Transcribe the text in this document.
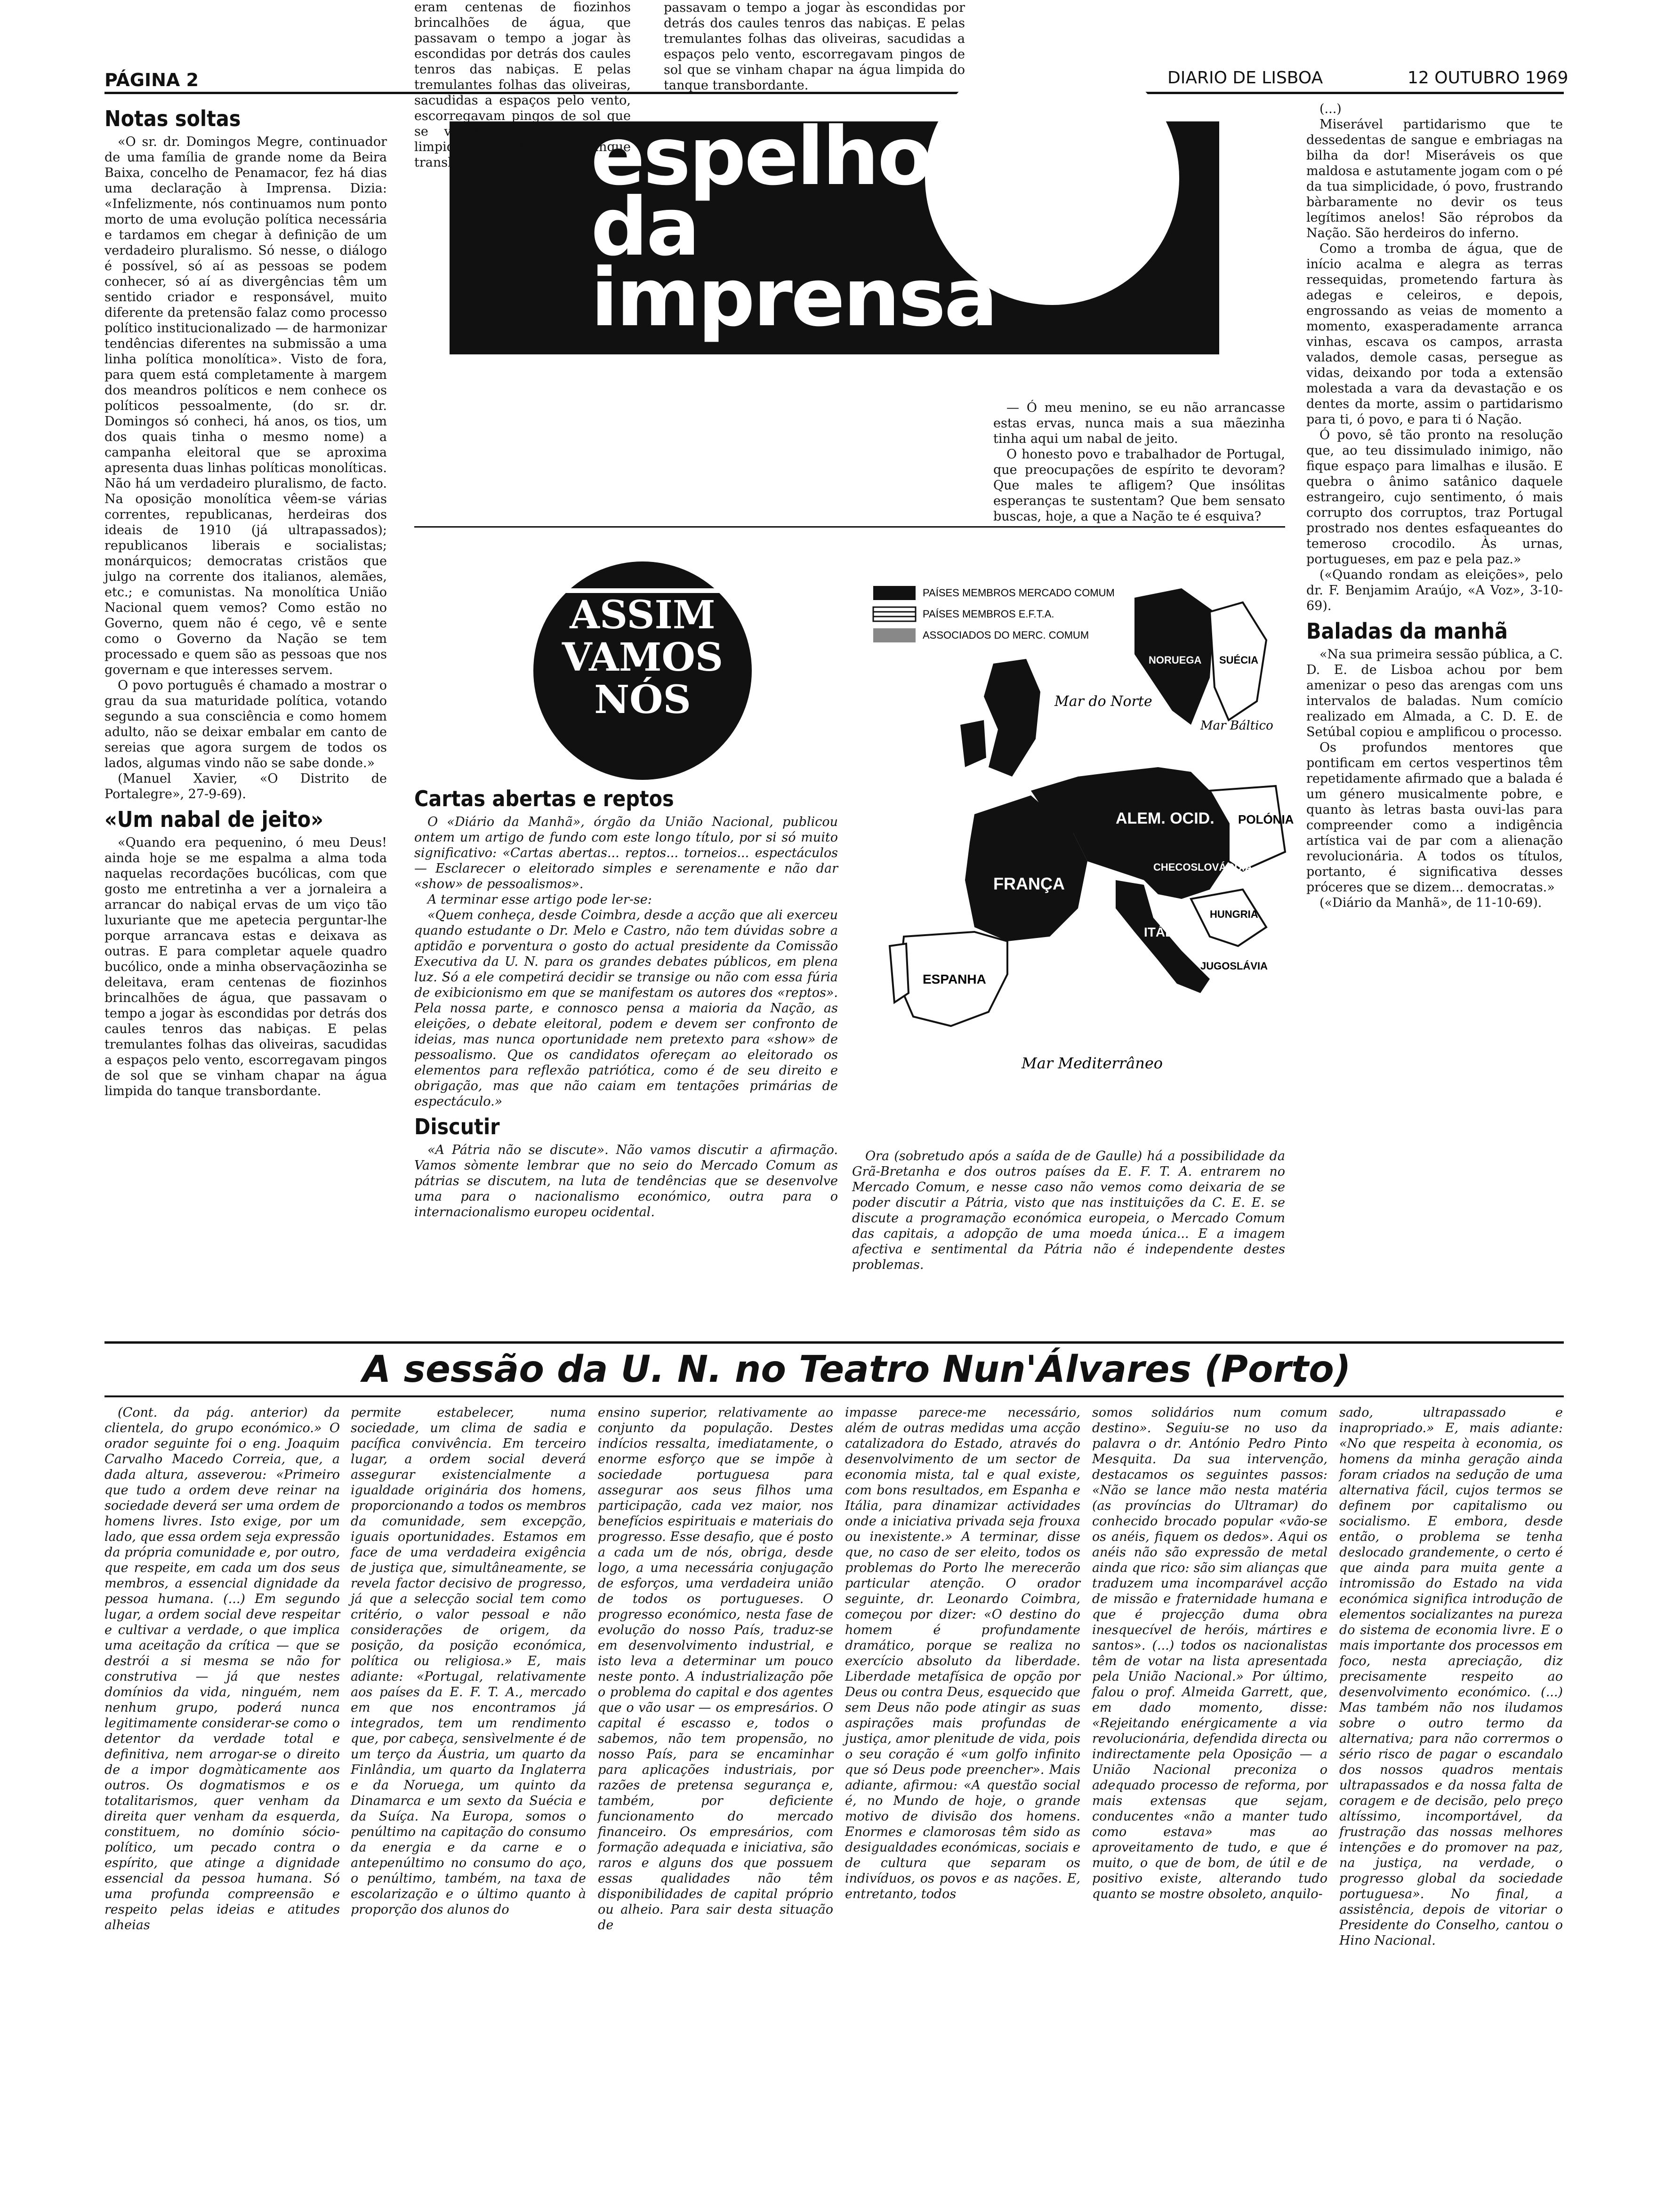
PÁGINA 2	DIARIO DE LISBOA	12 OUTUBRO 1969
Notas soltas

«O sr. dr. Domingos Megre, continuador de uma família de grande nome da Beira Baixa, concelho de Penamacor, fez há dias uma declaração à Imprensa. Dizia: «Infelizmente, nós continuamos num ponto morto de uma evolução política necessária e tardamos em chegar à definição de um verdadeiro pluralismo. Só nesse, o diálogo é possível, só aí as pessoas se podem conhecer, só aí as divergências têm um sentido criador e responsável, muito diferente da pretensão falaz como processo político institucionalizado — de harmonizar tendências diferentes na submissão a uma linha política monolítica». Visto de fora, para quem está completamente à margem dos meandros políticos e nem conhece os políticos pessoalmente, (do sr. dr. Domingos só conheci, há anos, os tios, um dos quais tinha o mesmo nome) a campanha eleitoral que se aproxima apresenta duas linhas políticas monolíticas. Não há um verdadeiro pluralismo, de facto. Na oposição monolítica vêem-se várias correntes, republicanas, herdeiras dos ideais de 1910 (já ultrapassados); republicanos liberais e socialistas; monárquicos; democratas cristãos que julgo na corrente dos italianos, alemães, etc.; e comunistas. Na monolítica União Nacional quem vemos? Como estão no Governo, quem não é cego, vê e sente como o Governo da Nação se tem processado e quem são as pessoas que nos governam e que interesses servem.

O povo português é chamado a mostrar o grau da sua maturidade política, votando segundo a sua consciência e como homem adulto, não se deixar embalar em canto de sereias que agora surgem de todos os lados, algumas vindo não se sabe donde.»

(Manuel Xavier, «O Distrito de Portalegre», 27-9-69).

«Um nabal de jeito»

«Quando era pequenino, ó meu Deus! ainda hoje se me espalma a alma toda naquelas recordações bucólicas, com que gosto me entretinha a ver a jornaleira a arrancar do nabiçal ervas de um viço tão luxuriante que me apetecia perguntar-lhe porque arrancava estas e deixava as outras. E para completar aquele quadro bucólico, onde a minha observaçãozinha se deleitava, eram centenas de fiozinhos brincalhões de água, que passavam o tempo a jogar às escondidas por detrás dos caules tenros das nabiças. E pelas tremulantes folhas das oliveiras, sacudidas a espaços pelo vento, escorregavam pingos de sol que se vinham chapar na água limpida do tanque transbordante.

espelho
da
imprensa

eram centenas de fiozinhos brincalhões de água, que passavam o tempo a jogar às escondidas por detrás dos caules tenros das nabiças. E pelas tremulantes folhas das oliveiras, sacudidas a espaços pelo vento, escorregavam pingos de sol que se vinham chapar na água limpida do tanque transbordante.

passavam o tempo a jogar às escondidas por detrás dos caules tenros das nabiças. E pelas tremulantes folhas das oliveiras, sacudidas a espaços pelo vento, escorregavam pingos de sol que se vinham chapar na água limpida do tanque transbordante.

— Ó meu menino, se eu não arrancasse estas ervas, nunca mais a sua mãezinha tinha aqui um nabal de jeito.

O honesto povo e trabalhador de Portugal, que preocupações de espírito te devoram? Que males te afligem? Que insólitas esperanças te sustentam? Que bem sensato buscas, hoje, a que a Nação te é esquiva?

(...)

Miserável partidarismo que te dessedentas de sangue e embriagas na bilha da dor! Miseráveis os que maldosa e astutamente jogam com o pé da tua simplicidade, ó povo, frustrando bàrbaramente no devir os teus legítimos anelos! São réprobos da Nação. São herdeiros do inferno.

Como a tromba de água, que de início acalma e alegra as terras ressequidas, prometendo fartura às adegas e celeiros, e depois, engrossando as veias de momento a momento, exasperadamente arranca vinhas, escava os campos, arrasta valados, demole casas, persegue as vidas, deixando por toda a extensão molestada a vara da devastação e os dentes da morte, assim o partidarismo para ti, ó povo, e para ti ó Nação.

Ó povo, sê tão pronto na resolução que, ao teu dissimulado inimigo, não fique espaço para limalhas e ilusão. E quebra o ânimo satânico daquele estrangeiro, cujo sentimento, ó mais corrupto dos corruptos, traz Portugal prostrado nos dentes esfaqueantes do temeroso crocodilo. Às urnas, portugueses, em paz e pela paz.»

(«Quando rondam as eleições», pelo dr. F. Benjamim Araújo, «A Voz», 3-10-69).

Baladas da manhã

«Na sua primeira sessão pública, a C. D. E. de Lisboa achou por bem amenizar o peso das arengas com uns intervalos de baladas. Num comício realizado em Almada, a C. D. E. de Setúbal copiou e amplificou o processo.

Os profundos mentores que pontificam em certos vespertinos têm repetidamente afirmado que a balada é um género musicalmente pobre, e quanto às letras basta ouvi-las para compreender como a indigência artística vai de par com a alienação revolucionária. A todos os títulos, portanto, é significativa desses próceres que se dizem... democratas.»

(«Diário da Manhã», de 11-10-69).

ASSIM
VAMOS
NÓS
Cartas abertas e reptos

O «Diário da Manhã», órgão da União Nacional, publicou ontem um artigo de fundo com este longo título, por si só muito significativo: «Cartas abertas... reptos... torneios... espectáculos — Esclarecer o eleitorado simples e serenamente e não dar «show» de pessoalismos».

A terminar esse artigo pode ler-se:

«Quem conheça, desde Coimbra, desde a acção que ali exerceu quando estudante o Dr. Melo e Castro, não tem dúvidas sobre a aptidão e porventura o gosto do actual presidente da Comissão Executiva da U. N. para os grandes debates públicos, em plena luz. Só a ele competirá decidir se transige ou não com essa fúria de exibicionismo em que se manifestam os autores dos «reptos». Pela nossa parte, e connosco pensa a maioria da Nação, as eleições, o debate eleitoral, podem e devem ser confronto de ideias, mas nunca oportunidade nem pretexto para «show» de pessoalismo. Que os candidatos ofereçam ao eleitorado os elementos para reflexão patriótica, como é de seu direito e obrigação, mas que não caiam em tentações primárias de espectáculo.»

Discutir

«A Pátria não se discute». Não vamos discutir a afirmação. Vamos sòmente lembrar que no seio do Mercado Comum as pátrias se discutem, na luta de tendências que se desenvolve uma para o nacionalismo económico, outra para o internacionalismo europeu ocidental.

PAÍSES MEMBROS MERCADO COMUM
PAÍSES MEMBROS E.F.T.A.
ASSOCIADOS DO MERC. COMUM
Mar do Norte
Mar Báltico
Mar Mediterrâneo
NORUEGA SUÉCIA
POLÓNIA
ALEM. OCID.
CHECOSLOVÁQUIA
HUNGRIA
FRANÇA
ESPANHA
ITÁLIA
JUGOSLÁVIA

Ora (sobretudo após a saída de de Gaulle) há a possibilidade da Grã-Bretanha e dos outros países da E. F. T. A. entrarem no Mercado Comum, e nesse caso não vemos como deixaria de se poder discutir a Pátria, visto que nas instituições da C. E. E. se discute a programação económica europeia, o Mercado Comum das capitais, a adopção de uma moeda única... E a imagem afectiva e sentimental da Pátria não é independente destes problemas.

A sessão da U. N. no Teatro Nun'Álvares (Porto)

(Cont. da pág. anterior) da clientela, do grupo económico.» O orador seguinte foi o eng. Joaquim Carvalho Macedo Correia, que, a dada altura, asseverou: «Primeiro que tudo a ordem deve reinar na sociedade deverá ser uma ordem de homens livres. Isto exige, por um lado, que essa ordem seja expressão da própria comunidade e, por outro, que respeite, em cada um dos seus membros, a essencial dignidade da pessoa humana. (...) Em segundo lugar, a ordem social deve respeitar e cultivar a verdade, o que implica uma aceitação da crítica — que se destrói a si mesma se não for construtiva — já que nestes domínios da vida, ninguém, nem nenhum grupo, poderá nunca legitimamente considerar-se como o detentor da verdade total e definitiva, nem arrogar-se o direito de a impor dogmàticamente aos outros. Os dogmatismos e os totalitarismos, quer venham da direita quer venham da esquerda, constituem, no domínio sócio-político, um pecado contra o espírito, que atinge a dignidade essencial da pessoa humana. Só uma profunda compreensão e respeito pelas ideias e atitudes alheias

permite estabelecer, numa sociedade, um clima de sadia e pacífica convivência. Em terceiro lugar, a ordem social deverá assegurar existencialmente a igualdade originária dos homens, proporcionando a todos os membros da comunidade, sem excepção, iguais oportunidades. Estamos em face de uma verdadeira exigência de justiça que, simultâneamente, se revela factor decisivo de progresso, já que a selecção social tem como critério, o valor pessoal e não considerações de origem, da posição, da posição económica, política ou religiosa.» E, mais adiante: «Portugal, relativamente aos países da E. F. T. A., mercado em que nos encontramos já integrados, tem um rendimento que, por cabeça, sensìvelmente é de um terço da Áustria, um quarto da Finlândia, um quarto da Inglaterra e da Noruega, um quinto da Dinamarca e um sexto da Suécia e da Suíça. Na Europa, somos o penúltimo na capitação do consumo da energia e da carne e o antepenúltimo no consumo do aço, o penúltimo, também, na taxa de escolarização e o último quanto à proporção dos alunos do

ensino superior, relativamente ao conjunto da população. Destes indícios ressalta, imediatamente, o enorme esforço que se impõe à sociedade portuguesa para assegurar aos seus filhos uma participação, cada vez maior, nos benefícios espirituais e materiais do progresso. Esse desafio, que é posto a cada um de nós, obriga, desde logo, a uma necessária conjugação de esforços, uma verdadeira união de todos os portugueses. O progresso económico, nesta fase de evolução do nosso País, traduz-se em desenvolvimento industrial, e isto leva a determinar um pouco neste ponto. A industrialização põe o problema do capital e dos agentes que o vão usar — os empresários. O capital é escasso e, todos o sabemos, não tem propensão, no nosso País, para se encaminhar para aplicações industriais, por razões de pretensa segurança e, também, por deficiente funcionamento do mercado financeiro. Os empresários, com formação adequada e iniciativa, são raros e alguns dos que possuem essas qualidades não têm disponibilidades de capital próprio ou alheio. Para sair desta situação de

impasse parece-me necessário, além de outras medidas uma acção catalizadora do Estado, através do desenvolvimento de um sector de economia mista, tal e qual existe, com bons resultados, em Espanha e Itália, para dinamizar actividades onde a iniciativa privada seja frouxa ou inexistente.» A terminar, disse que, no caso de ser eleito, todos os problemas do Porto lhe merecerão particular atenção. O orador seguinte, dr. Leonardo Coimbra, começou por dizer: «O destino do homem é profundamente dramático, porque se realiza no exercício absoluto da liberdade. Liberdade metafísica de opção por Deus ou contra Deus, esquecido que sem Deus não pode atingir as suas aspirações mais profundas de justiça, amor plenitude de vida, pois o seu coração é «um golfo infinito que só Deus pode preencher». Mais adiante, afirmou: «A questão social é, no Mundo de hoje, o grande motivo de divisão dos homens. Enormes e clamorosas têm sido as desigualdades económicas, sociais e de cultura que separam os indivíduos, os povos e as nações. E, entretanto, todos

somos solidários num comum destino». Seguiu-se no uso da palavra o dr. António Pedro Pinto Mesquita. Da sua intervenção, destacamos os seguintes passos: «Não se lance mão nesta matéria (as províncias do Ultramar) do conhecido brocado popular «vão-se os anéis, fiquem os dedos». Aqui os anéis não são expressão de metal ainda que rico: são sim alianças que traduzem uma incomparável acção de missão e fraternidade humana e que é projecção duma obra inesquecível de heróis, mártires e santos». (...) todos os nacionalistas têm de votar na lista apresentada pela União Nacional.» Por último, falou o prof. Almeida Garrett, que, em dado momento, disse: «Rejeitando enérgicamente a via revolucionária, defendida directa ou indirectamente pela Oposição — a União Nacional preconiza o adequado processo de reforma, por mais extensas que sejam, conducentes «não a manter tudo como estava» mas ao aproveitamento de tudo, e que é muito, o que de bom, de útil e de positivo existe, alterando tudo quanto se mostre obsoleto, anquilo-

sado, ultrapassado e inapropriado.» E, mais adiante: «No que respeita à economia, os homens da minha geração ainda foram criados na sedução de uma alternativa fácil, cujos termos se definem por capitalismo ou socialismo. E embora, desde então, o problema se tenha deslocado grandemente, o certo é que ainda para muita gente a intromissão do Estado na vida económica significa introdução de elementos socializantes na pureza do sistema de economia livre. E o mais importante dos processos em foco, nesta apreciação, diz precisamente respeito ao desenvolvimento económico. (...) Mas também não nos iludamos sobre o outro termo da alternativa; para não corrermos o sério risco de pagar o escandalo dos nossos quadros mentais ultrapassados e da nossa falta de coragem e de decisão, pelo preço altíssimo, incomportável, da frustração das nossas melhores intenções e do promover na paz, na justiça, na verdade, o progresso global da sociedade portuguesa». No final, a assistência, depois de vitoriar o Presidente do Conselho, cantou o Hino Nacional.
